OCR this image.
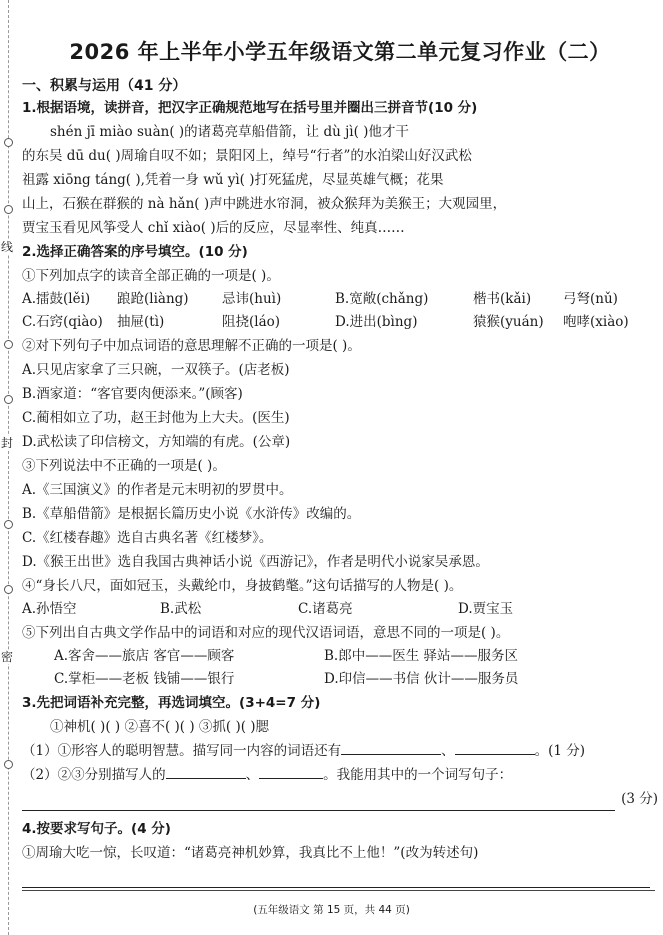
线
封
密
2026 年上半年小学五年级语文第二单元复习作业（二）
一、积累与运用（41 分）
1.根据语境，读拼音，把汉字正确规范地写在括号里并圈出三拼音节(10 分)
shén jī miào suàn( )的诸葛亮草船借箭，让 dù jì( )他才干
的东吴 dū du( )周瑜自叹不如；景阳冈上，绰号“行者”的水泊梁山好汉武松
祖露 xiōng táng( ),凭着一身 wǔ yì( )打死猛虎，尽显英雄气概；花果
山上，石猴在群猴的 nà hǎn( )声中跳进水帘洞，被众猴拜为美猴王；大观园里，
贾宝玉看见风筝受人 chǐ xiào( )后的反应，尽显率性、纯真……
2.选择正确答案的序号填空。(10 分)
①下列加点字的读音全部正确的一项是( )。
A.擂鼓(lěi)	踉跄(liàng)	忌讳(huì)	B.宽敞(chǎng)	楷书(kǎi)	弓弩(nǔ)
C.石窍(qiào)	抽屉(tì)	阻挠(láo)	D.进出(bìng)	猿猴(yuán)	咆哮(xiào)
②对下列句子中加点词语的意思理解不正确的一项是( )。
A.只见店家拿了三只碗，一双筷子。(店老板)
B.酒家道：“客官要肉便添来。”(顾客)
C.蔺相如立了功，赵王封他为上大夫。(医生)
D.武松读了印信榜文，方知端的有虎。(公章)
③下列说法中不正确的一项是( )。
A.《三国演义》的作者是元末明初的罗贯中。
B.《草船借箭》是根据长篇历史小说《水浒传》改编的。
C.《红楼春趣》选自古典名著《红楼梦》。
D.《猴王出世》选自我国古典神话小说《西游记》，作者是明代小说家吴承恩。
④“身长八尺，面如冠玉，头戴纶巾，身披鹤氅。”这句话描写的人物是( )。
A.孙悟空	B.武松	C.诸葛亮	D.贾宝玉
⑤下列出自古典文学作品中的词语和对应的现代汉语词语，意思不同的一项是( )。
A.客舍——旅店 客官——顾客	B.郎中——医生 驿站——服务区
C.掌柜——老板 钱铺——银行	D.印信——书信 伙计——服务员
3.先把词语补充完整，再选词填空。(3+4=7 分)
①神机( )( ) ②喜不( )( ) ③抓( )( )腮
（1）①形容人的聪明智慧。描写同一内容的词语还有	、	。(1 分)
（2）②③分别描写人的	、	。我能用其中的一个词写句子：
(3 分)
4.按要求写句子。(4 分)
①周瑜大吃一惊，长叹道：“诸葛亮神机妙算，我真比不上他！”(改为转述句)
(五年级语文 第 15 页，共 44 页)
